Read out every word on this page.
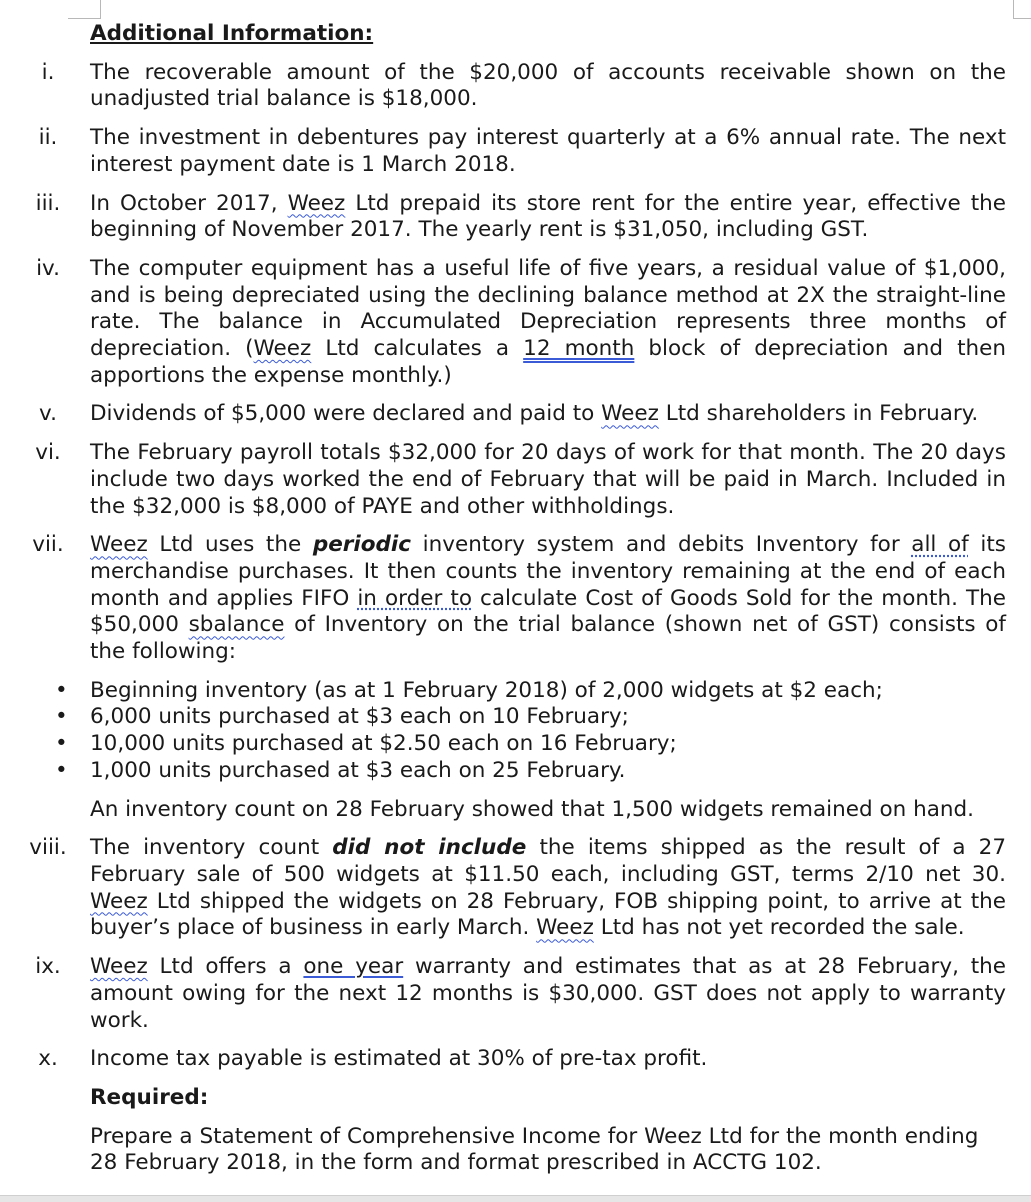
Additional Information:
i.	The recoverable amount of the $20,000 of accounts receivable shown on the unadjusted trial balance is $18,000.
ii.	The investment in debentures pay interest quarterly at a 6% annual rate. The next interest payment date is 1 March 2018.
iii.	In October 2017, Weez Ltd prepaid its store rent for the entire year, effective the beginning of November 2017. The yearly rent is $31,050, including GST.
iv.	The computer equipment has a useful life of five years, a residual value of $1,000, and is being depreciated using the declining balance method at 2X the straight-line rate. The balance in Accumulated Depreciation represents three months of depreciation. (Weez Ltd calculates a 12 month block of depreciation and then apportions the expense monthly.)
v.	Dividends of $5,000 were declared and paid to Weez Ltd shareholders in February.
vi.	The February payroll totals $32,000 for 20 days of work for that month. The 20 days include two days worked the end of February that will be paid in March. Included in the $32,000 is $8,000 of PAYE and other withholdings.
vii.	Weez Ltd uses the periodic inventory system and debits Inventory for all of its merchandise purchases. It then counts the inventory remaining at the end of each month and applies FIFO in order to calculate Cost of Goods Sold for the month. The $50,000 sbalance of Inventory on the trial balance (shown net of GST) consists of the following:
• Beginning inventory (as at 1 February 2018) of 2,000 widgets at $2 each;
• 6,000 units purchased at $3 each on 10 February;
• 10,000 units purchased at $2.50 each on 16 February;
• 1,000 units purchased at $3 each on 25 February.
An inventory count on 28 February showed that 1,500 widgets remained on hand.
viii.	The inventory count did not include the items shipped as the result of a 27 February sale of 500 widgets at $11.50 each, including GST, terms 2/10 net 30. Weez Ltd shipped the widgets on 28 February, FOB shipping point, to arrive at the buyer’s place of business in early March. Weez Ltd has not yet recorded the sale.
ix.	Weez Ltd offers a one year warranty and estimates that as at 28 February, the amount owing for the next 12 months is $30,000. GST does not apply to warranty work.
x.	Income tax payable is estimated at 30% of pre-tax profit.
Required:
Prepare a Statement of Comprehensive Income for Weez Ltd for the month ending 28 February 2018, in the form and format prescribed in ACCTG 102.
